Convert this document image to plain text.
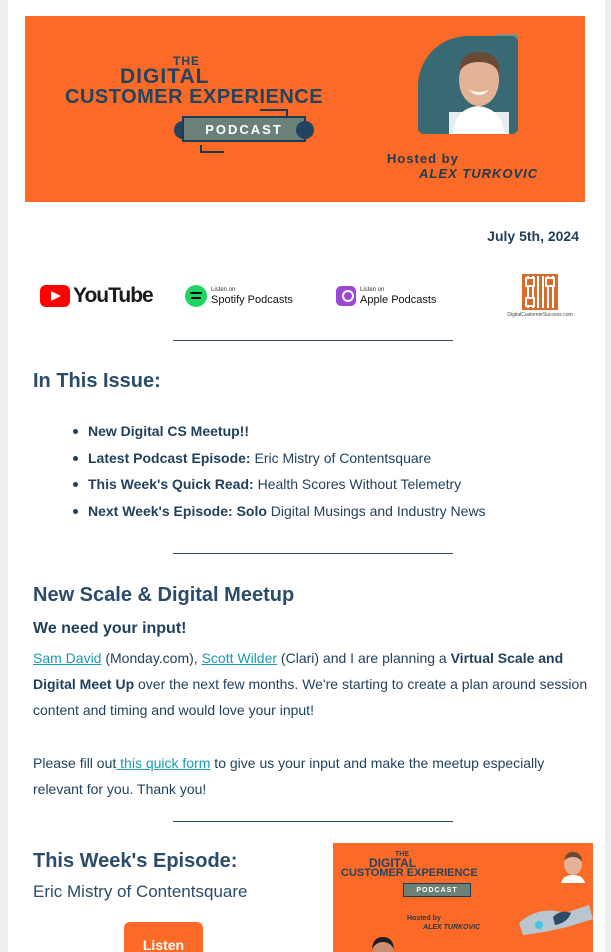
THE
DIGITAL
CUSTOMER EXPERIENCE
PODCAST
Hosted by
ALEX TURKOVIC
July 5th, 2024
YouTube	Listen on
Spotify Podcasts
Listen on
Apple Podcasts
DigitalCustomerSuccess.com
In This Issue:
New Digital CS Meetup!!
Latest Podcast Episode: Eric Mistry of Contentsquare
This Week's Quick Read: Health Scores Without Telemetry
Next Week's Episode: Solo Digital Musings and Industry News
New Scale & Digital Meetup
We need your input!

Sam David (Monday.com), Scott Wilder (Clari) and I are planning a Virtual Scale and Digital Meet Up over the next few months. We're starting to create a plan around session content and timing and would love your input!

Please fill out this quick form to give us your input and make the meetup especially relevant for you. Thank you!

This Week's Episode:
Eric Mistry of Contentsquare
Listen
THE
DIGITAL
CUSTOMER EXPERIENCE
PODCAST
Hosted by
ALEX TURKOVIC
